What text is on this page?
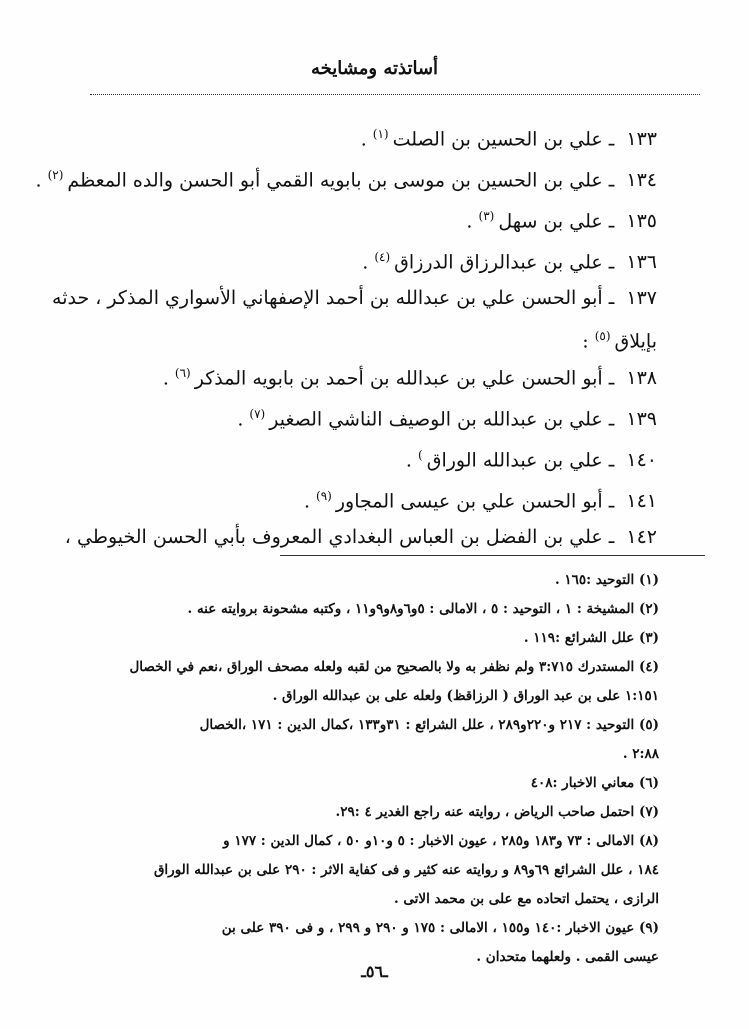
أساتذته ومشايخه
١٣٣ ـ علي بن الحسين بن الصلت$^{(١)}$ .
١٣٤ ـ علي بن الحسين بن موسى بن بابويه القمي أبو الحسن والده المعظم$^{(٢)}$ .
١٣٥ ـ علي بن سهل$^{(٣)}$ .
١٣٦ ـ علي بن عبدالرزاق الدرزاق$^{(٤)}$ .
١٣٧ ـ أبو الحسن علي بن عبدالله بن أحمد الإصفهاني الأسواري المذكر ، حدثه
بإيلاق$^{(٥)}$ :
١٣٨ ـ أبو الحسن علي بن عبدالله بن أحمد بن بابويه المذكر$^{(٦)}$ .
١٣٩ ـ علي بن عبدالله بن الوصيف الناشي الصغير$^{(٧)}$ .
١٤٠ ـ علي بن عبدالله الوراق) .
١٤١ ـ أبو الحسن علي بن عيسى المجاور$^{(٩)}$ .
١٤٢ ـ علي بن الفضل بن العباس البغدادي المعروف بأبي الحسن الخيوطي ،
(١) التوحيد :١٦٥ .
(٢) المشيخة : ١ ، التوحيد : ٥ ، الامالى : ٥و٦و٨و٩و١١ ، وكتبه مشحونة بروايته عنه .
(٣) علل الشرائع :١١٩ .
(٤) المستدرك ٣:٧١٥ ولم نظفر به ولا بالصحيح من لقبه ولعله مصحف الوراق ،نعم في الخصال
١:١٥١ على بن عبد الوراق ( الرزاقظ) ولعله على بن عبدالله الوراق .
(٥) التوحيد : ٢١٧ و٢٢٠و٢٨٩ ، علل الشرائع : ٣١و١٣٣ ،كمال الدين : ١٧١ ،الخصال
٢:٨٨ .
(٦) معاني الاخبار :٤٠٨
(٧) احتمل صاحب الرياض ، روايته عنه راجع الغدير ٤ :٢٩.
(٨) الامالى : ٧٣ و١٨٣ و٢٨٥ ، عيون الاخبار : ٥ و١٠و ٥٠ ، كمال الدين : ١٧٧ و
١٨٤ ، علل الشرائع ٦٩و٨٩ و روايته عنه كثير و فى كفاية الاثر : ٢٩٠ على بن عبدالله الوراق
الرازى ، يحتمل اتحاده مع على بن محمد الاتى .
(٩) عيون الاخبار :١٤٠ و١٥٥ ، الامالى : ١٧٥ و ٢٩٠ و ٢٩٩ ، و فى ٣٩٠ على بن
عيسى القمى . ولعلهما متحدان .
ـ٥٦ـ
